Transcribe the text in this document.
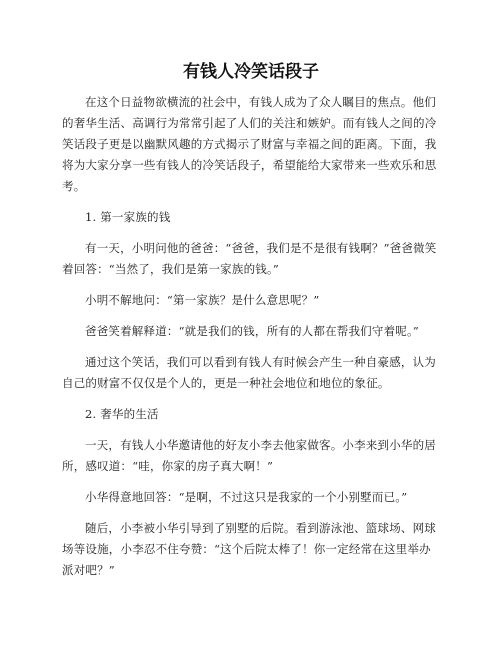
有钱人冷笑话段子

在这个日益物欲横流的社会中，有钱人成为了众人瞩目的焦点。他们的奢华生活、高调行为常常引起了人们的关注和嫉妒。而有钱人之间的冷笑话段子更是以幽默风趣的方式揭示了财富与幸福之间的距离。下面，我将为大家分享一些有钱人的冷笑话段子，希望能给大家带来一些欢乐和思考。

1. 第一家族的钱

有一天，小明问他的爸爸：“爸爸，我们是不是很有钱啊？”爸爸微笑着回答：“当然了，我们是第一家族的钱。”

小明不解地问：“第一家族？是什么意思呢？”

爸爸笑着解释道：“就是我们的钱，所有的人都在帮我们守着呢。”

通过这个笑话，我们可以看到有钱人有时候会产生一种自豪感，认为自己的财富不仅仅是个人的，更是一种社会地位和地位的象征。

2. 奢华的生活

一天，有钱人小华邀请他的好友小李去他家做客。小李来到小华的居所，感叹道：“哇，你家的房子真大啊！”

小华得意地回答：“是啊，不过这只是我家的一个小别墅而已。”

随后，小李被小华引导到了别墅的后院。看到游泳池、篮球场、网球场等设施，小李忍不住夸赞：“这个后院太棒了！你一定经常在这里举办派对吧？”
